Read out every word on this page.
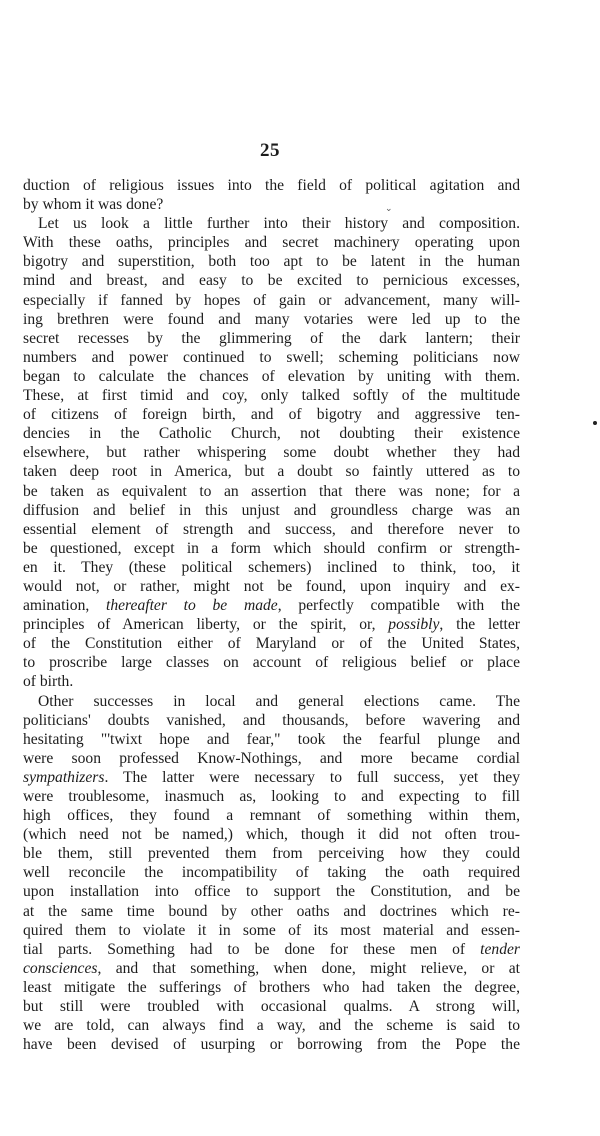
25
duction of religious issues into the field of political agitation and
by whom it was done?
Let us look a little further into their history and composition.
With these oaths, principles and secret machinery operating upon
bigotry and superstition, both too apt to be latent in the human
mind and breast, and easy to be excited to pernicious excesses,
especially if fanned by hopes of gain or advancement, many will-
ing brethren were found and many votaries were led up to the
secret recesses by the glimmering of the dark lantern; their
numbers and power continued to swell; scheming politicians now
began to calculate the chances of elevation by uniting with them.
These, at first timid and coy, only talked softly of the multitude
of citizens of foreign birth, and of bigotry and aggressive ten-
dencies in the Catholic Church, not doubting their existence
elsewhere, but rather whispering some doubt whether they had
taken deep root in America, but a doubt so faintly uttered as to
be taken as equivalent to an assertion that there was none; for a
diffusion and belief in this unjust and groundless charge was an
essential element of strength and success, and therefore never to
be questioned, except in a form which should confirm or strength-
en it. They (these political schemers) inclined to think, too, it
would not, or rather, might not be found, upon inquiry and ex-
amination, thereafter to be made, perfectly compatible with the
principles of American liberty, or the spirit, or, possibly, the letter
of the Constitution either of Maryland or of the United States,
to proscribe large classes on account of religious belief or place
of birth.
Other successes in local and general elections came. The
politicians' doubts vanished, and thousands, before wavering and
hesitating "'twixt hope and fear," took the fearful plunge and
were soon professed Know-Nothings, and more became cordial
sympathizers. The latter were necessary to full success, yet they
were troublesome, inasmuch as, looking to and expecting to fill
high offices, they found a remnant of something within them,
(which need not be named,) which, though it did not often trou-
ble them, still prevented them from perceiving how they could
well reconcile the incompatibility of taking the oath required
upon installation into office to support the Constitution, and be
at the same time bound by other oaths and doctrines which re-
quired them to violate it in some of its most material and essen-
tial parts. Something had to be done for these men of tender
consciences, and that something, when done, might relieve, or at
least mitigate the sufferings of brothers who had taken the degree,
but still were troubled with occasional qualms. A strong will,
we are told, can always find a way, and the scheme is said to
have been devised of usurping or borrowing from the Pope the
⌄
